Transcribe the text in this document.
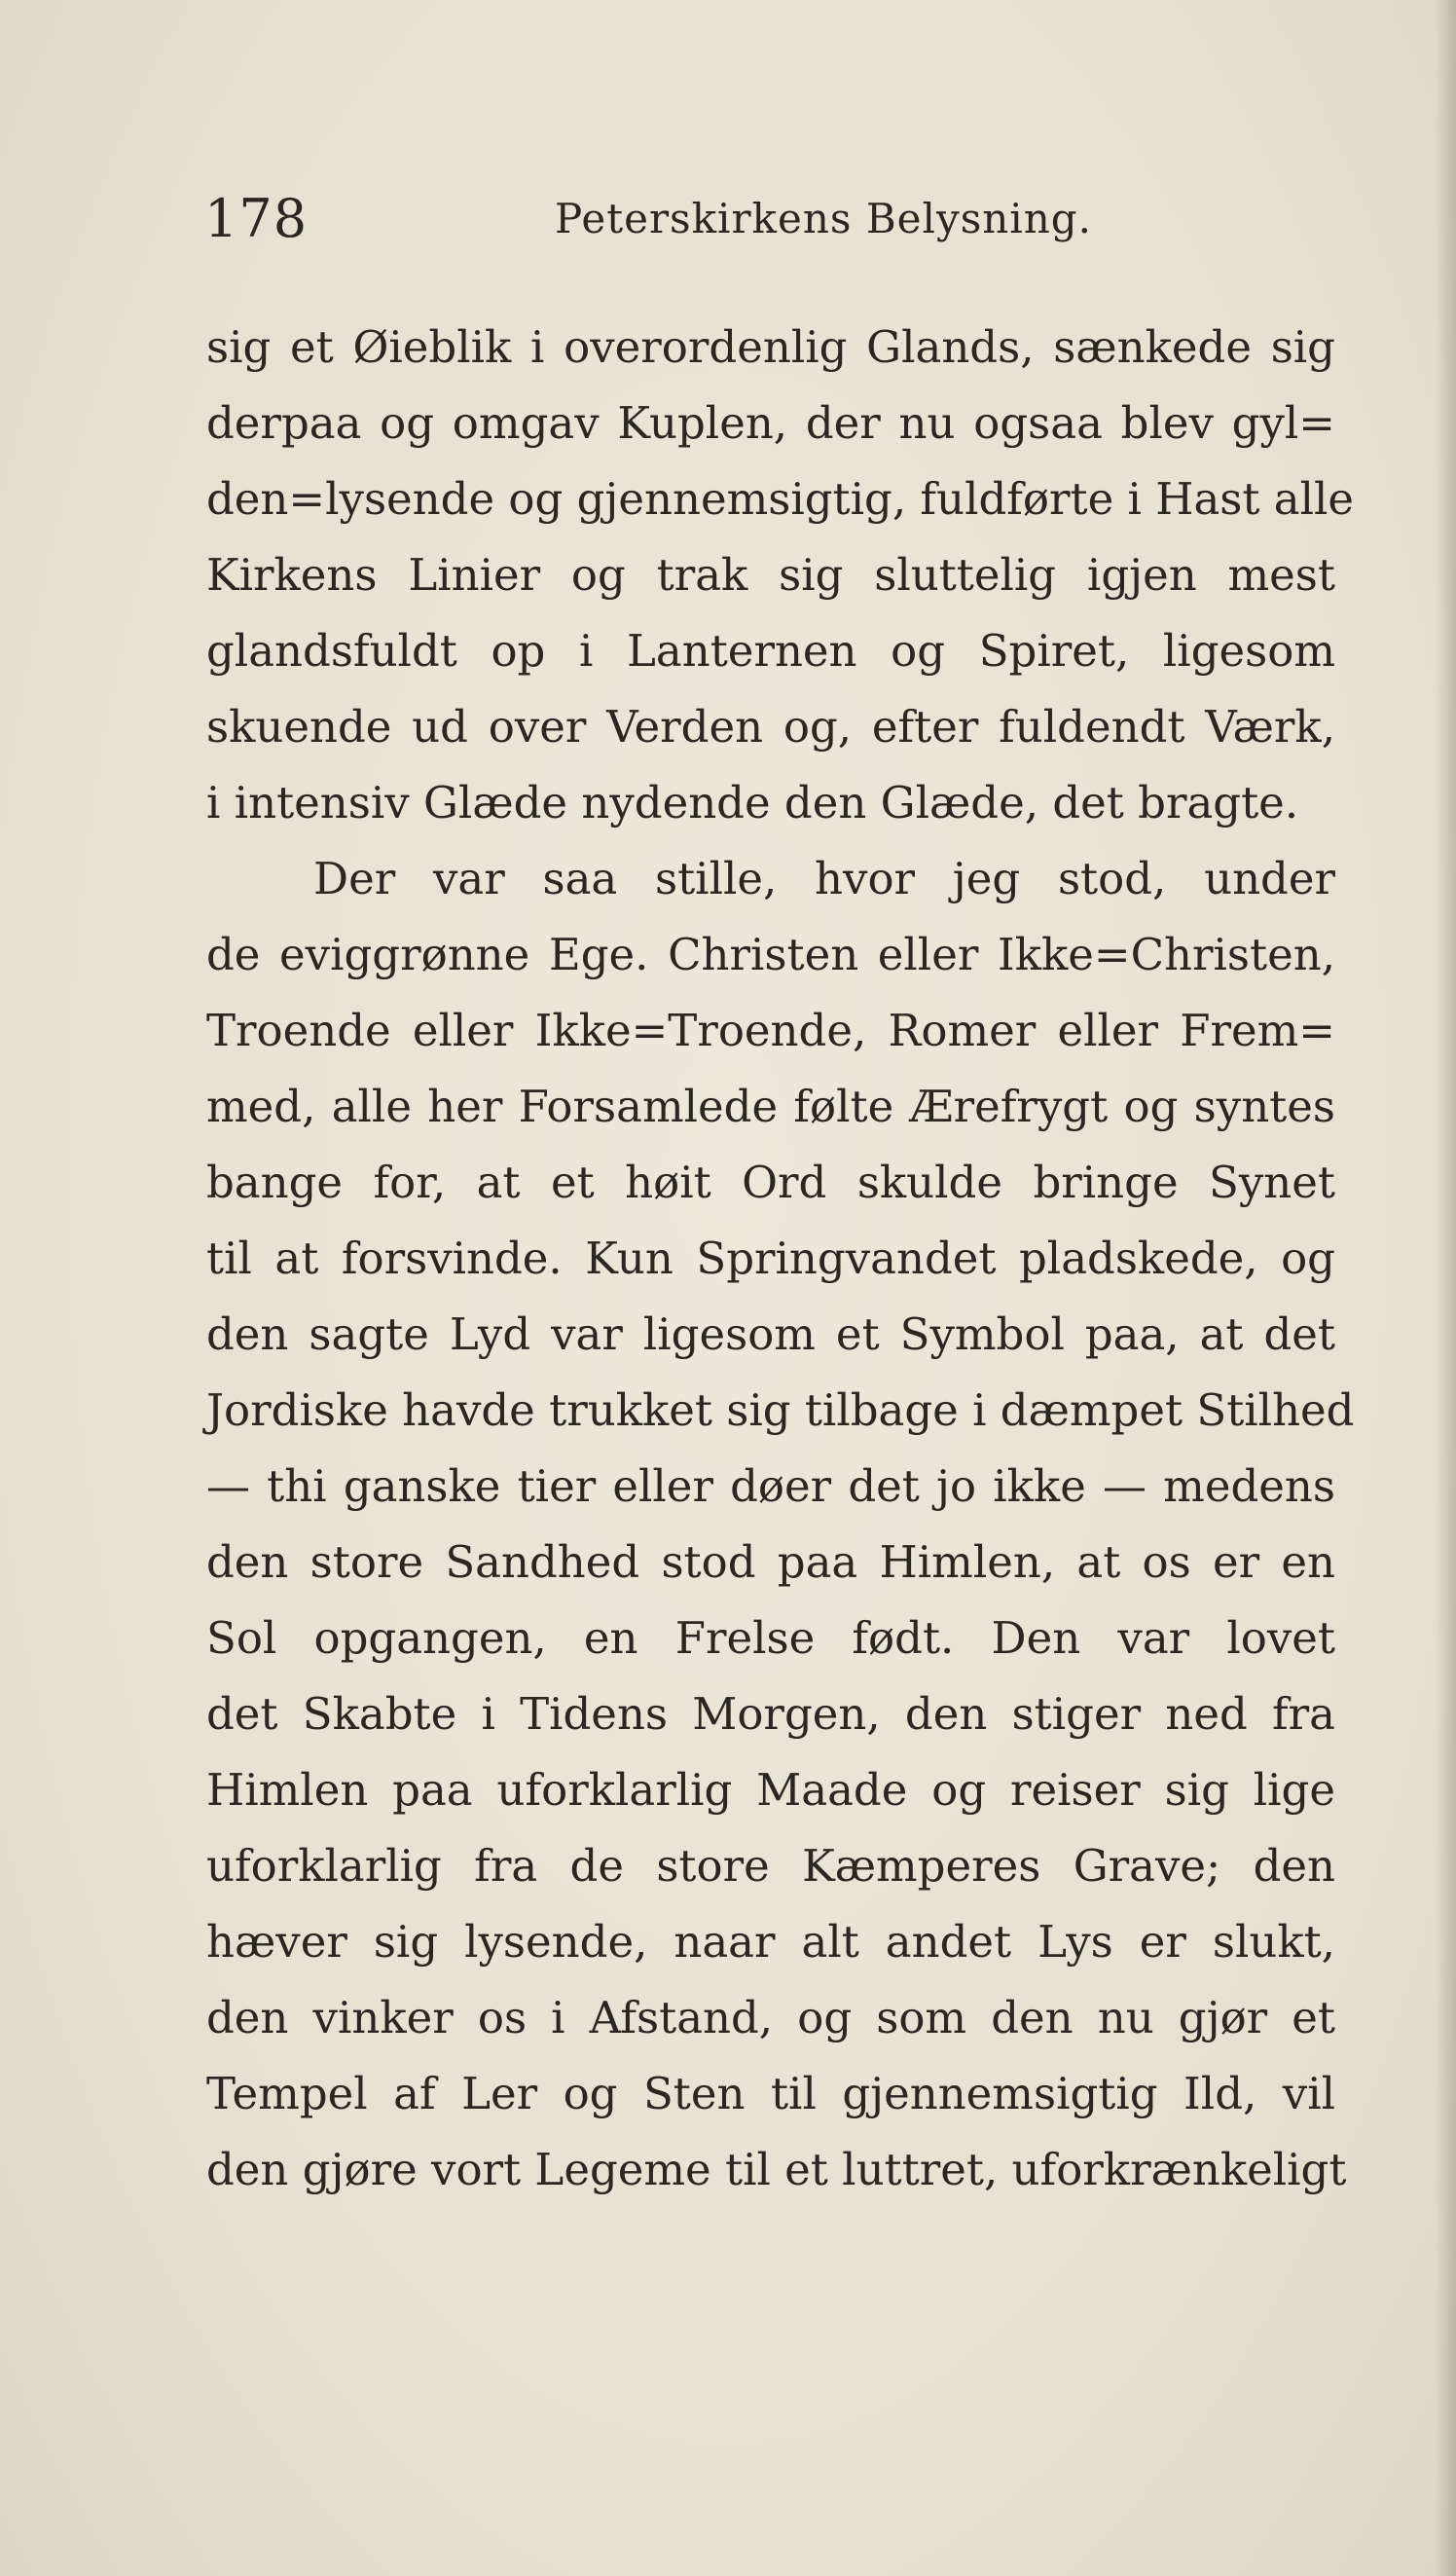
178	Peterskirkens Belysning.
sig et Øieblik i overordenlig Glands, sænkede sig
derpaa og omgav Kuplen, der nu ogsaa blev gyl=
den=lysende og gjennemsigtig, fuldførte i Hast alle
Kirkens Linier og trak sig sluttelig igjen mest
glandsfuldt op i Lanternen og Spiret, ligesom
skuende ud over Verden og, efter fuldendt Værk,
i intensiv Glæde nydende den Glæde, det bragte.
Der var saa stille, hvor jeg stod, under
de eviggrønne Ege. Christen eller Ikke=Christen,
Troende eller Ikke=Troende, Romer eller Frem=
med, alle her Forsamlede følte Ærefrygt og syntes
bange for, at et høit Ord skulde bringe Synet
til at forsvinde. Kun Springvandet pladskede, og
den sagte Lyd var ligesom et Symbol paa, at det
Jordiske havde trukket sig tilbage i dæmpet Stilhed
— thi ganske tier eller døer det jo ikke — medens
den store Sandhed stod paa Himlen, at os er en
Sol opgangen, en Frelse født. Den var lovet
det Skabte i Tidens Morgen, den stiger ned fra
Himlen paa uforklarlig Maade og reiser sig lige
uforklarlig fra de store Kæmperes Grave; den
hæver sig lysende, naar alt andet Lys er slukt,
den vinker os i Afstand, og som den nu gjør et
Tempel af Ler og Sten til gjennemsigtig Ild, vil
den gjøre vort Legeme til et luttret, uforkrænkeligt
